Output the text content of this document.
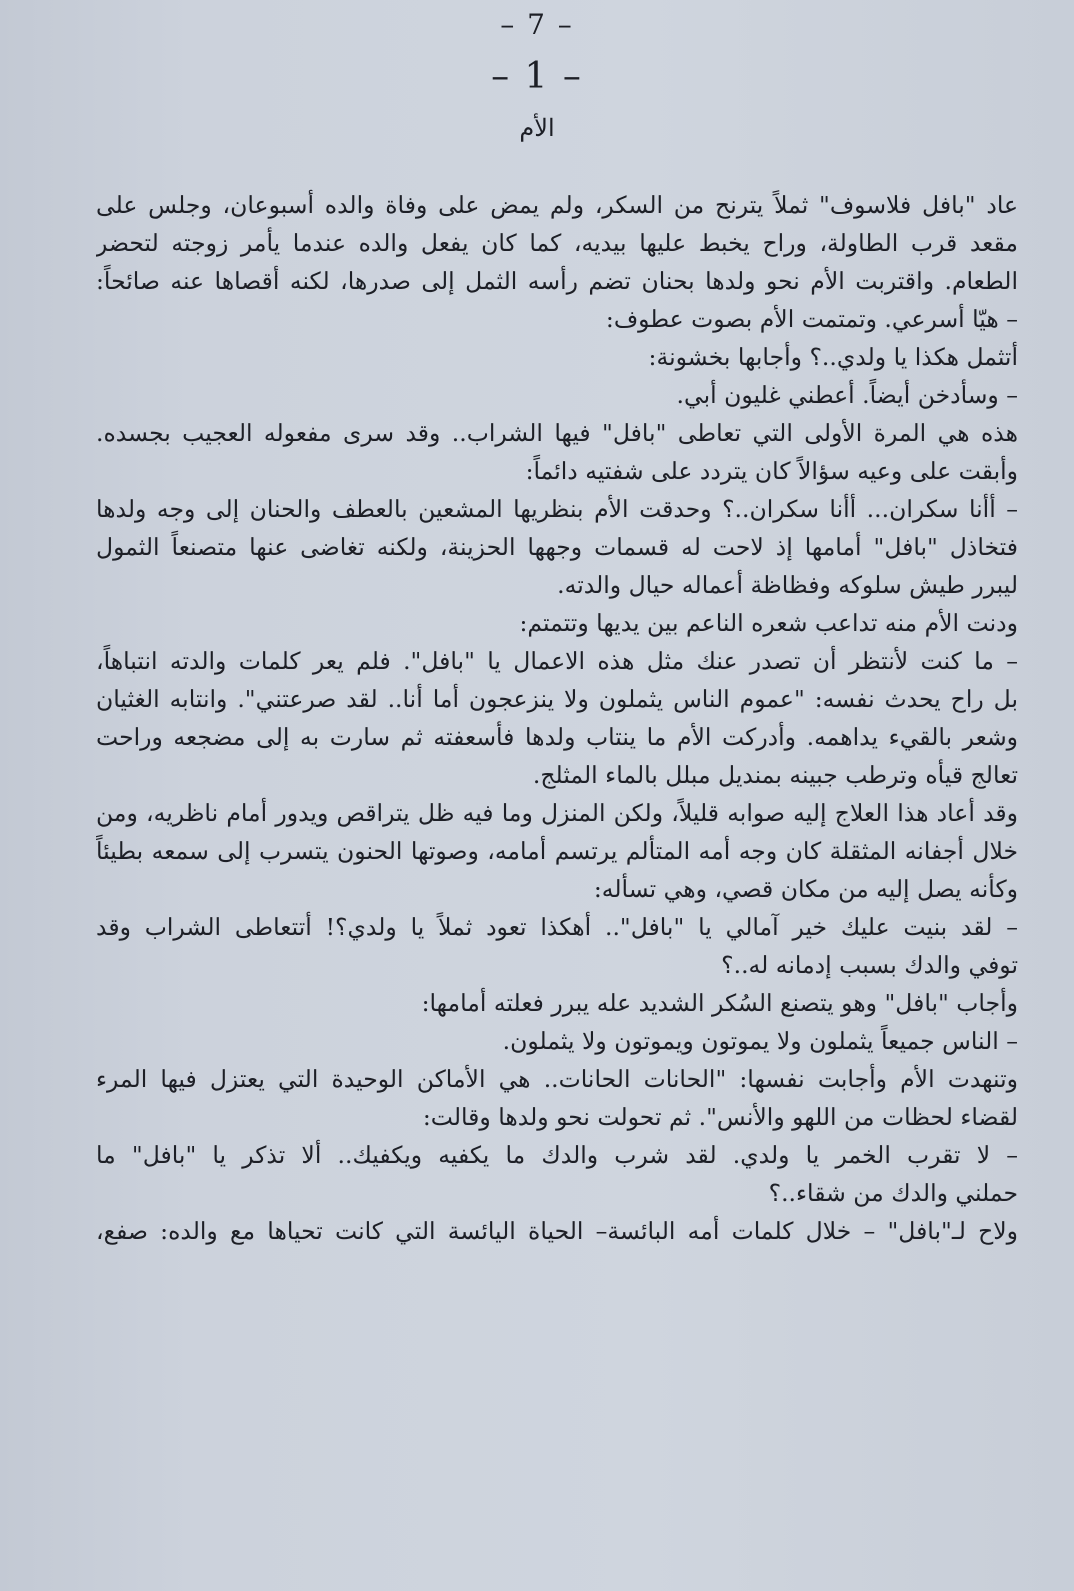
– 7 –
– 1 –
الأم
عاد "بافل فلاسوف" ثملاً يترنح من السكر، ولم يمض على وفاة والده أسبوعان، وجلس على
مقعد قرب الطاولة، وراح يخبط عليها بيديه، كما كان يفعل والده عندما يأمر زوجته لتحضر
الطعام. واقتربت الأم نحو ولدها بحنان تضم رأسه الثمل إلى صدرها، لكنه أقصاها عنه صائحاً:
– هيّا أسرعي. وتمتمت الأم بصوت عطوف:
أتثمل هكذا يا ولدي..؟ وأجابها بخشونة:
– وسأدخن أيضاً. أعطني غليون أبي.
هذه هي المرة الأولى التي تعاطى "بافل" فيها الشراب.. وقد سرى مفعوله العجيب بجسده.
وأبقت على وعيه سؤالاً كان يتردد على شفتيه دائماً:
– أأنا سكران... أأنا سكران..؟ وحدقت الأم بنظريها المشعين بالعطف والحنان إلى وجه ولدها
فتخاذل "بافل" أمامها إذ لاحت له قسمات وجهها الحزينة، ولكنه تغاضى عنها متصنعاً الثمول
ليبرر طيش سلوكه وفظاظة أعماله حيال والدته.
ودنت الأم منه تداعب شعره الناعم بين يديها وتتمتم:
– ما كنت لأنتظر أن تصدر عنك مثل هذه الاعمال يا "بافل". فلم يعر كلمات والدته انتباهاً،
بل راح يحدث نفسه: "عموم الناس يثملون ولا ينزعجون أما أنا.. لقد صرعتني". وانتابه الغثيان
وشعر بالقيء يداهمه. وأدركت الأم ما ينتاب ولدها فأسعفته ثم سارت به إلى مضجعه وراحت
تعالج قيأه وترطب جبينه بمنديل مبلل بالماء المثلج.
وقد أعاد هذا العلاج إليه صوابه قليلاً، ولكن المنزل وما فيه ظل يتراقص ويدور أمام ناظريه، ومن
خلال أجفانه المثقلة كان وجه أمه المتألم يرتسم أمامه، وصوتها الحنون يتسرب إلى سمعه بطيئاً
وكأنه يصل إليه من مكان قصي، وهي تسأله:
– لقد بنيت عليك خير آمالي يا "بافل".. أهكذا تعود ثملاً يا ولدي؟! أتتعاطى الشراب وقد
توفي والدك بسبب إدمانه له..؟
وأجاب "بافل" وهو يتصنع السُكر الشديد عله يبرر فعلته أمامها:
– الناس جميعاً يثملون ولا يموتون ويموتون ولا يثملون.
وتنهدت الأم وأجابت نفسها: "الحانات الحانات.. هي الأماكن الوحيدة التي يعتزل فيها المرء
لقضاء لحظات من اللهو والأنس". ثم تحولت نحو ولدها وقالت:
– لا تقرب الخمر يا ولدي. لقد شرب والدك ما يكفيه ويكفيك.. ألا تذكر يا "بافل" ما
حملني والدك من شقاء..؟
ولاح لـ"بافل" – خلال كلمات أمه البائسة– الحياة اليائسة التي كانت تحياها مع والده: صفع،
